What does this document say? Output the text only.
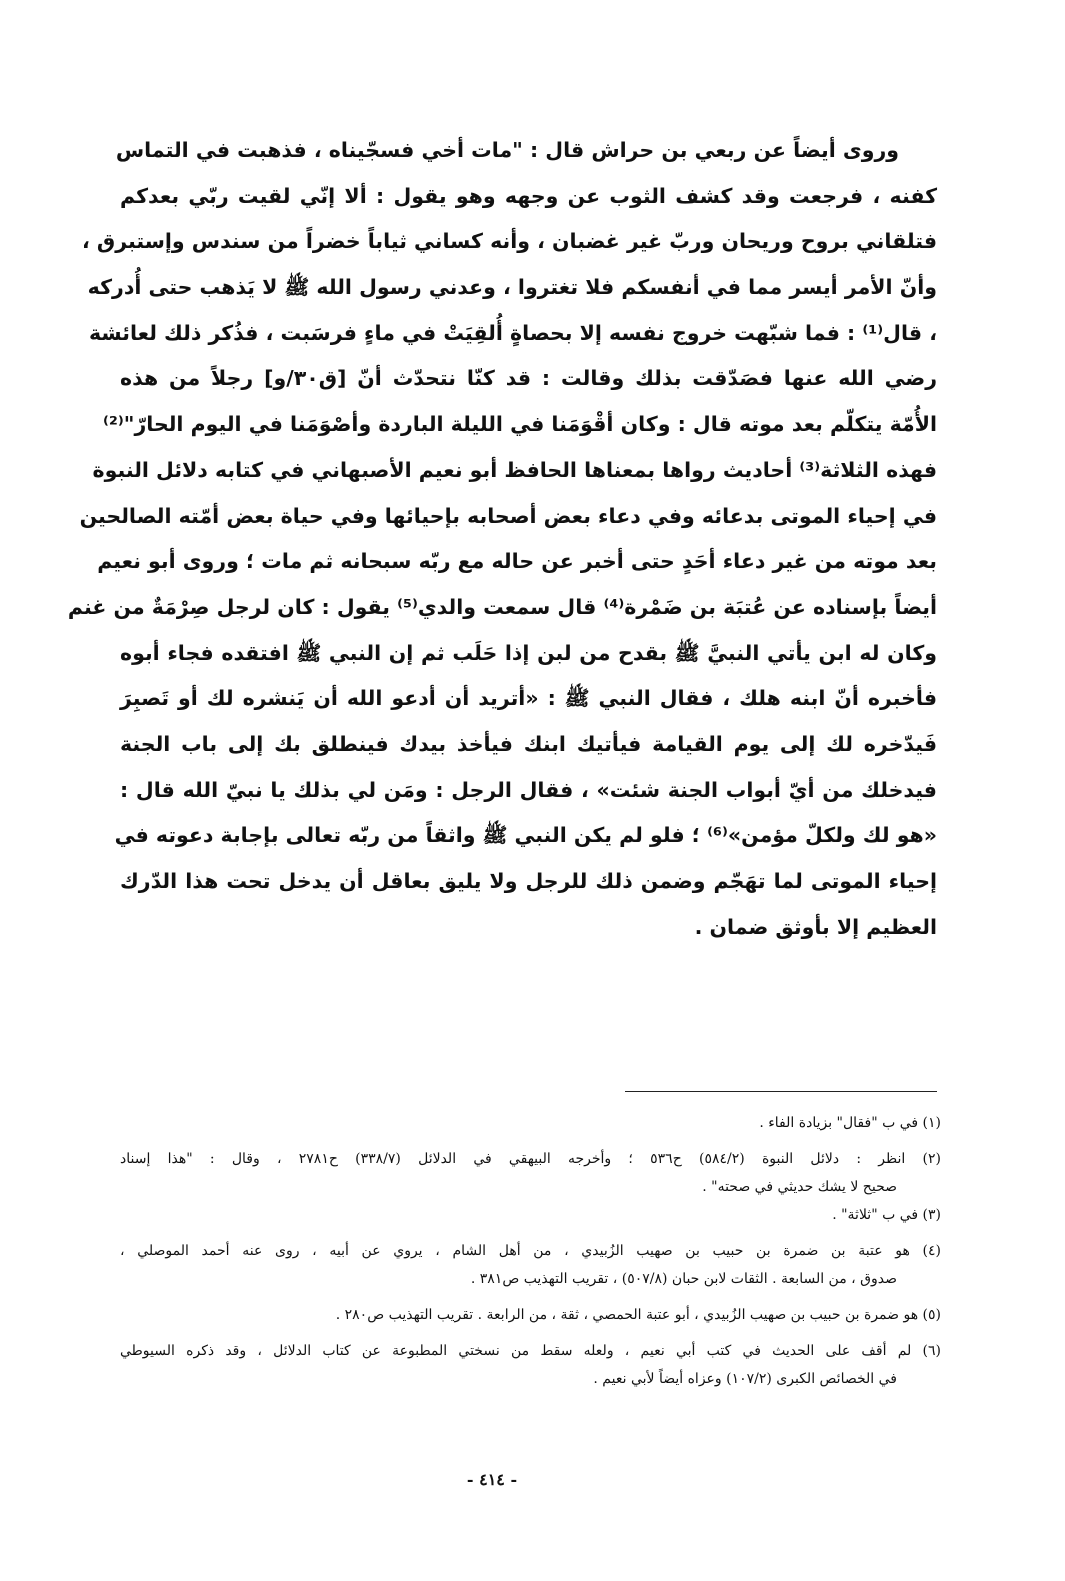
وروى أيضاً عن ربعي بن حراش قال : "مات أخي فسجّيناه ، فذهبت في التماس
كفنه ، فرجعت وقد كشف الثوب عن وجهه وهو يقول : ألا إنّي لقيت ربّي بعدكم
فتلقاني بروح وريحان وربّ غير غضبان ، وأنه كساني ثياباً خضراً من سندس وإستبرق ،
وأنّ الأمر أيسر مما في أنفسكم فلا تغتروا ، وعدني رسول الله ﷺ لا يَذهب حتى أُدركه
، قال⁽¹⁾ : فما شبّهت خروج نفسه إلا بحصاةٍ أُلقِيَتْ في ماءٍ فرسَبت ، فذُكر ذلك لعائشة
رضي الله عنها فصَدّقت بذلك وقالت : قد كنّا نتحدّث أنّ [ق٣٠/و] رجلاً من هذه
الأُمّة يتكلّم بعد موته قال : وكان أقْوَمَنا في الليلة الباردة وأصْوَمَنا في اليوم الحارّ"⁽²⁾
فهذه الثلاثة⁽³⁾ أحاديث رواها بمعناها الحافظ أبو نعيم الأصبهاني في كتابه دلائل النبوة
في إحياء الموتى بدعائه وفي دعاء بعض أصحابه بإحيائها وفي حياة بعض أمّته الصالحين
بعد موته من غير دعاء أحَدٍ حتى أخبر عن حاله مع ربّه سبحانه ثم مات ؛ وروى أبو نعيم
أيضاً بإسناده عن عُتبَة بن ضَمْرة⁽⁴⁾ قال سمعت والدي⁽⁵⁾ يقول : كان لرجل صِرْمَةٌ من غنم
وكان له ابن يأتي النبيَّ ﷺ بقدح من لبن إذا حَلَب ثم إن النبي ﷺ افتقده فجاء أبوه
فأخبره أنّ ابنه هلك ، فقال النبي ﷺ : «أتريد أن أدعو الله أن يَنشره لك أو تَصبِرَ
فَيدّخره لك إلى يوم القيامة فيأتيك ابنك فيأخذ بيدك فينطلق بك إلى باب الجنة
فيدخلك من أيّ أبواب الجنة شئت» ، فقال الرجل : ومَن لي بذلك يا نبيّ الله قال :
«هو لك ولكلّ مؤمن»⁽⁶⁾ ؛ فلو لم يكن النبي ﷺ واثقاً من ربّه تعالى بإجابة دعوته في
إحياء الموتى لما تهَجّم وضمن ذلك للرجل ولا يليق بعاقل أن يدخل تحت هذا الدّرك
العظيم إلا بأوثق ضمان .
(١) في ب "فقال" بزيادة الفاء .
(٢) انظر : دلائل النبوة (٥٨٤/٢) ح٥٣٦ ؛ وأخرجه البيهقي في الدلائل (٣٣٨/٧) ح٢٧٨١ ، وقال : "هذا إسناد
صحيح لا يشك حديثي في صحته" .
(٣) في ب "ثلاثة" .
(٤) هو عتبة بن ضمرة بن حبيب بن صهيب الزُبيدي ، من أهل الشام ، يروي عن أبيه ، روى عنه أحمد الموصلي ،
صدوق ، من السابعة . الثقات لابن حبان (٥٠٧/٨) ، تقريب التهذيب ص٣٨١ .
(٥) هو ضمرة بن حبيب بن صهيب الزُبيدي ، أبو عتبة الحمصي ، ثقة ، من الرابعة . تقريب التهذيب ص٢٨٠ .
(٦) لم أقف على الحديث في كتب أبي نعيم ، ولعله سقط من نسختي المطبوعة عن كتاب الدلائل ، وقد ذكره السيوطي
في الخصائص الكبرى (١٠٧/٢) وعزاه أيضاً لأبي نعيم .
- ٤١٤ -
